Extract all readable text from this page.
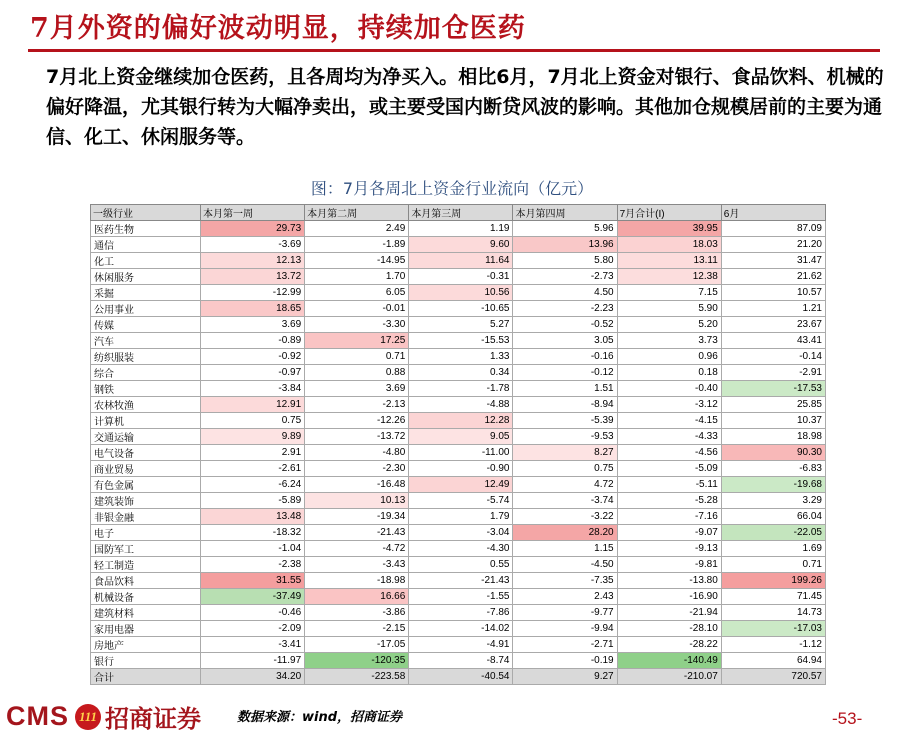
7月外资的偏好波动明显，持续加仓医药
7月北上资金继续加仓医药，且各周均为净买入。相比6月，7月北上资金对银行、食品饮料、机械的偏好降温，尤其银行转为大幅净卖出，或主要受国内断贷风波的影响。其他加仓规模居前的主要为通信、化工、休闲服务等。
图：7月各周北上资金行业流向（亿元）
一级行业	本月第一周	本月第二周	本月第三周	本月第四周	7月合计(I)	6月
医药生物	29.73	2.49	1.19	5.96	39.95	87.09
通信	-3.69	-1.89	9.60	13.96	18.03	21.20
化工	12.13	-14.95	11.64	5.80	13.11	31.47
休闲服务	13.72	1.70	-0.31	-2.73	12.38	21.62
采掘	-12.99	6.05	10.56	4.50	7.15	10.57
公用事业	18.65	-0.01	-10.65	-2.23	5.90	1.21
传媒	3.69	-3.30	5.27	-0.52	5.20	23.67
汽车	-0.89	17.25	-15.53	3.05	3.73	43.41
纺织服装	-0.92	0.71	1.33	-0.16	0.96	-0.14
综合	-0.97	0.88	0.34	-0.12	0.18	-2.91
钢铁	-3.84	3.69	-1.78	1.51	-0.40	-17.53
农林牧渔	12.91	-2.13	-4.88	-8.94	-3.12	25.85
计算机	0.75	-12.26	12.28	-5.39	-4.15	10.37
交通运输	9.89	-13.72	9.05	-9.53	-4.33	18.98
电气设备	2.91	-4.80	-11.00	8.27	-4.56	90.30
商业贸易	-2.61	-2.30	-0.90	0.75	-5.09	-6.83
有色金属	-6.24	-16.48	12.49	4.72	-5.11	-19.68
建筑装饰	-5.89	10.13	-5.74	-3.74	-5.28	3.29
非银金融	13.48	-19.34	1.79	-3.22	-7.16	66.04
电子	-18.32	-21.43	-3.04	28.20	-9.07	-22.05
国防军工	-1.04	-4.72	-4.30	1.15	-9.13	1.69
轻工制造	-2.38	-3.43	0.55	-4.50	-9.81	0.71
食品饮料	31.55	-18.98	-21.43	-7.35	-13.80	199.26
机械设备	-37.49	16.66	-1.55	2.43	-16.90	71.45
建筑材料	-0.46	-3.86	-7.86	-9.77	-21.94	14.73
家用电器	-2.09	-2.15	-14.02	-9.94	-28.10	-17.03
房地产	-3.41	-17.05	-4.91	-2.71	-28.22	-1.12
银行	-11.97	-120.35	-8.74	-0.19	-140.49	64.94
合计	34.20	-223.58	-40.54	9.27	-210.07	720.57
CMS 111 招商证券	数据来源：wind，招商证券	-53-
